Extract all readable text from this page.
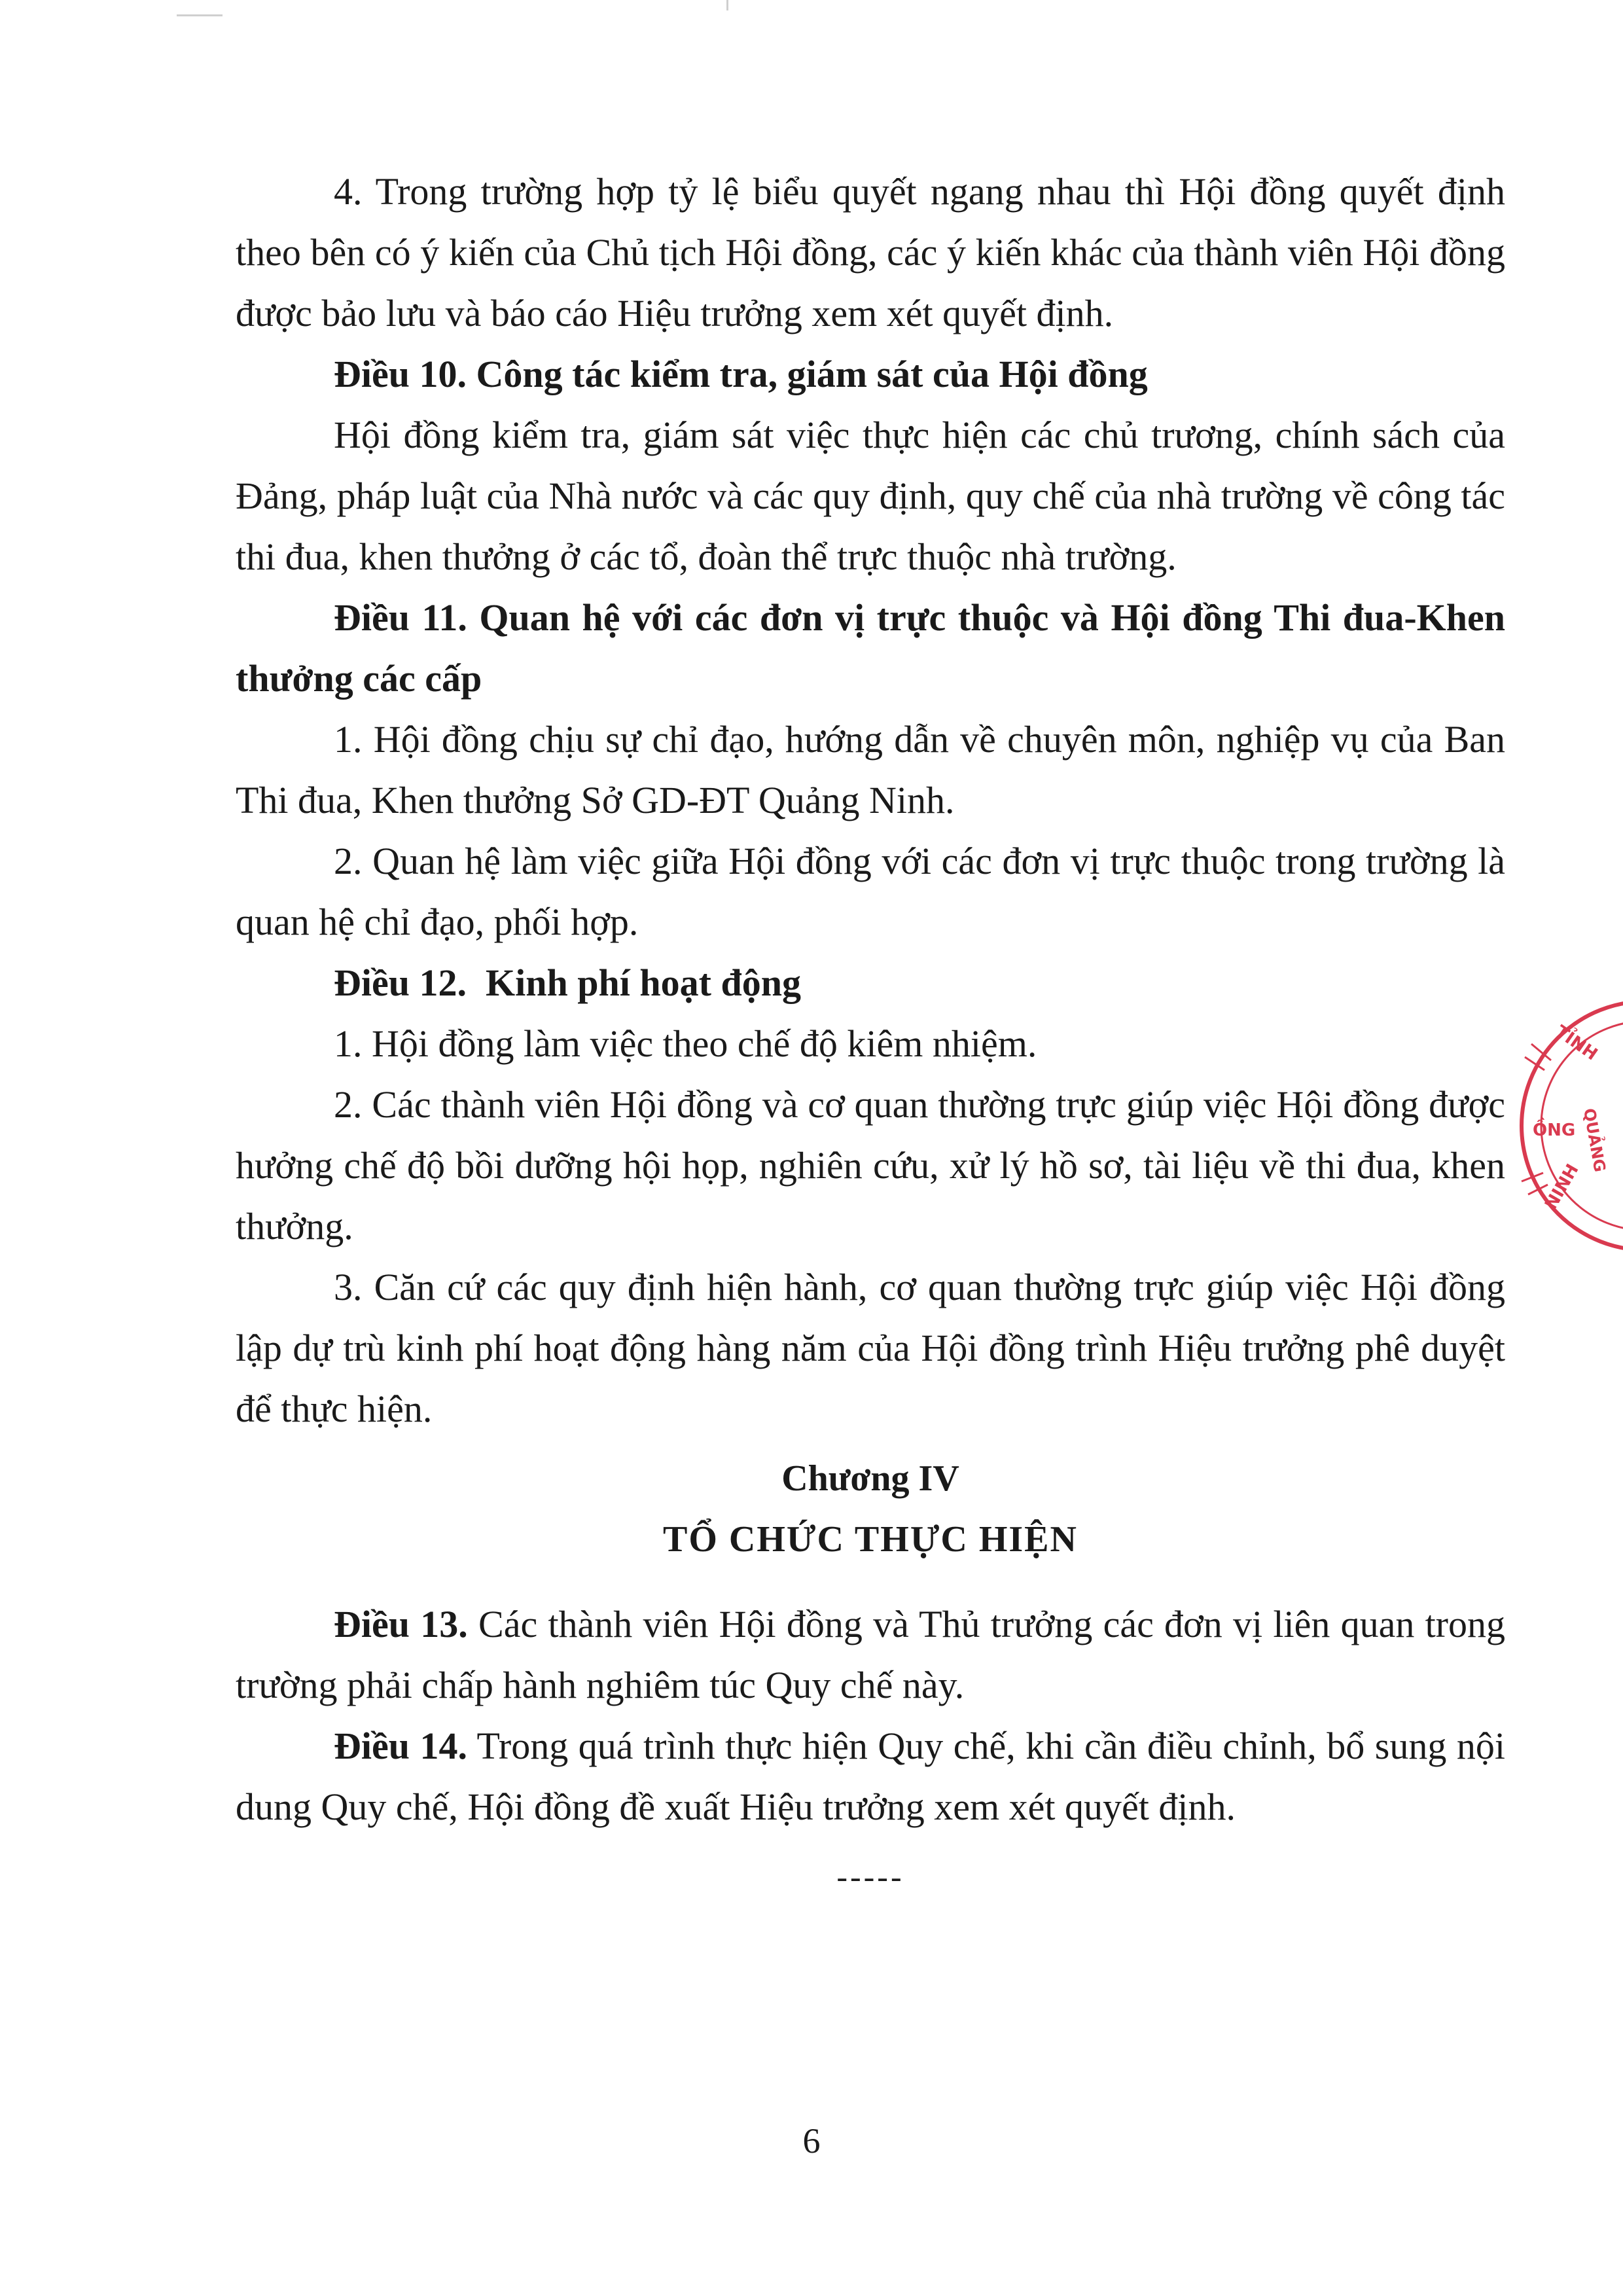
4. Trong trường hợp tỷ lệ biểu quyết ngang nhau thì Hội đồng quyết định theo bên có ý kiến của Chủ tịch Hội đồng, các ý kiến khác của thành viên Hội đồng được bảo lưu và báo cáo Hiệu trưởng xem xét quyết định.

Điều 10. Công tác kiểm tra, giám sát của Hội đồng

Hội đồng kiểm tra, giám sát việc thực hiện các chủ trương, chính sách của Đảng, pháp luật của Nhà nước và các quy định, quy chế của nhà trường về công tác thi đua, khen thưởng ở các tổ, đoàn thể trực thuộc nhà trường.

Điều 11. Quan hệ với các đơn vị trực thuộc và Hội đồng Thi đua-Khen thưởng các cấp

1. Hội đồng chịu sự chỉ đạo, hướng dẫn về chuyên môn, nghiệp vụ của Ban Thi đua, Khen thưởng Sở GD-ĐT Quảng Ninh.

2. Quan hệ làm việc giữa Hội đồng với các đơn vị trực thuộc trong trường là quan hệ chỉ đạo, phối hợp.

Điều 12.  Kinh phí hoạt động

1. Hội đồng làm việc theo chế độ kiêm nhiệm.

2. Các thành viên Hội đồng và cơ quan thường trực giúp việc Hội đồng được hưởng chế độ bồi dưỡng hội họp, nghiên cứu, xử lý hồ sơ, tài liệu về thi đua, khen thưởng.

3. Căn cứ các quy định hiện hành, cơ quan thường trực giúp việc Hội đồng lập dự trù kinh phí hoạt động hàng năm của Hội đồng trình Hiệu trưởng phê duyệt để thực hiện.

Chương IV

TỔ CHỨC THỰC HIỆN

Điều 13. Các thành viên Hội đồng và Thủ trưởng các đơn vị liên quan trong trường phải chấp hành nghiêm túc Quy chế này.

Điều 14. Trong quá trình thực hiện Quy chế, khi cần điều chỉnh, bổ sung nội dung Quy chế, Hội đồng đề xuất Hiệu trưởng xem xét quyết định.

-----

TỈNH
ỒNG QUẢNG
NINH
6
